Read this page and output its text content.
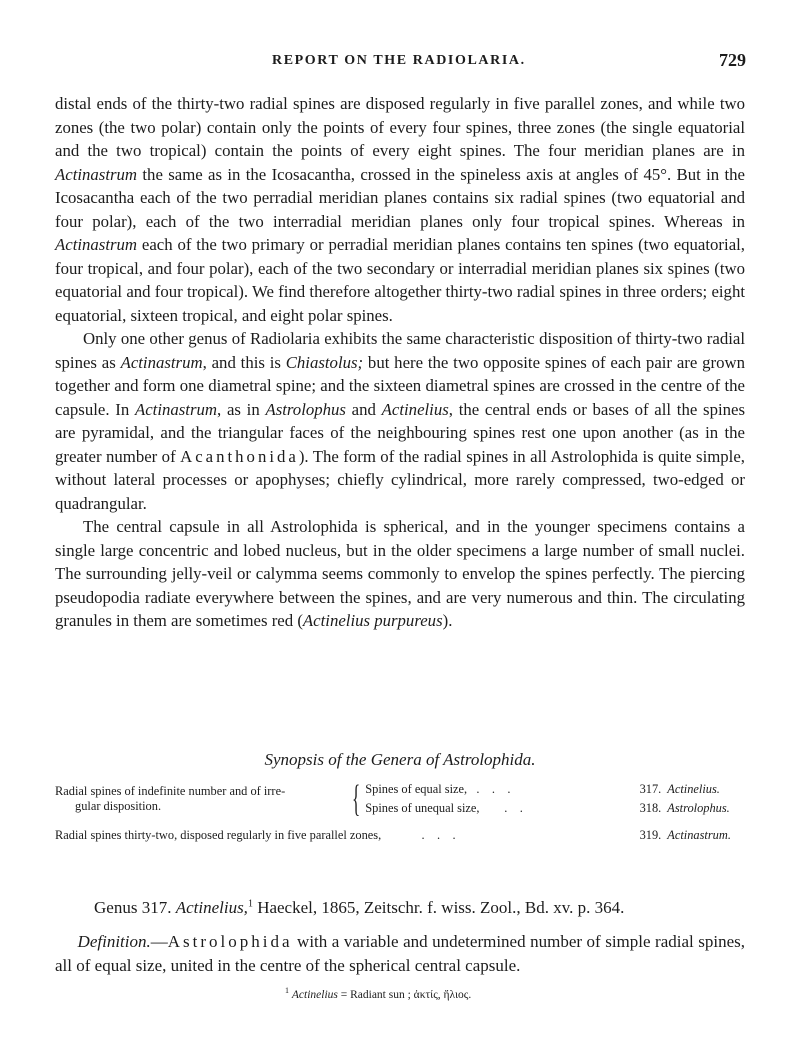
REPORT ON THE RADIOLARIA.	729

distal ends of the thirty-two radial spines are disposed regularly in five parallel zones, and while two zones (the two polar) contain only the points of every four spines, three zones (the single equatorial and the two tropical) contain the points of every eight spines. The four meridian planes are in Actinastrum the same as in the Icosacantha, crossed in the spineless axis at angles of 45°. But in the Icosacantha each of the two perradial meridian planes contains six radial spines (two equatorial and four polar), each of the two interradial meridian planes only four tropical spines. Whereas in Actinastrum each of the two primary or perradial meridian planes contains ten spines (two equatorial, four tropical, and four polar), each of the two secondary or interradial meridian planes six spines (two equatorial and four tropical). We find therefore altogether thirty-two radial spines in three orders; eight equatorial, sixteen tropical, and eight polar spines.

Only one other genus of Radiolaria exhibits the same characteristic disposition of thirty-two radial spines as Actinastrum, and this is Chiastolus; but here the two opposite spines of each pair are grown together and form one diametral spine; and the sixteen diametral spines are crossed in the centre of the capsule. In Actinastrum, as in Astrolophus and Actinelius, the central ends or bases of all the spines are pyramidal, and the triangular faces of the neighbouring spines rest one upon another (as in the greater number of Acanthonida). The form of the radial spines in all Astrolophida is quite simple, without lateral processes or apophyses; chiefly cylindrical, more rarely compressed, two-edged or quadrangular.

The central capsule in all Astrolophida is spherical, and in the younger specimens contains a single large concentric and lobed nucleus, but in the older specimens a large number of small nuclei. The surrounding jelly-veil or calymma seems commonly to envelop the spines perfectly. The piercing pseudopodia radiate everywhere between the spines, and are very numerous and thin. The circulating granules in them are sometimes red (Actinelius purpureus).

Synopsis of the Genera of Astrolophida.
Radial spines of indefinite number and of irre-
gular disposition.	{	Spines of equal size, .    .    .	317.	Actinelius.
		Spines of unequal size, .    .	318.	Astrolophus.
Radial spines thirty-two, disposed regularly in five parallel zones, .    .    .			319.	Actinastrum.
Genus 317. Actinelius,$^1$ Haeckel, 1865, Zeitschr. f. wiss. Zool., Bd. xv. p. 364.
Definition.—Astrolophida with a variable and undetermined number of simple radial spines, all of equal size, united in the centre of the spherical central capsule.
$^1$ Actinelius = Radiant sun ; ἀκτίς, ἥλιος.
